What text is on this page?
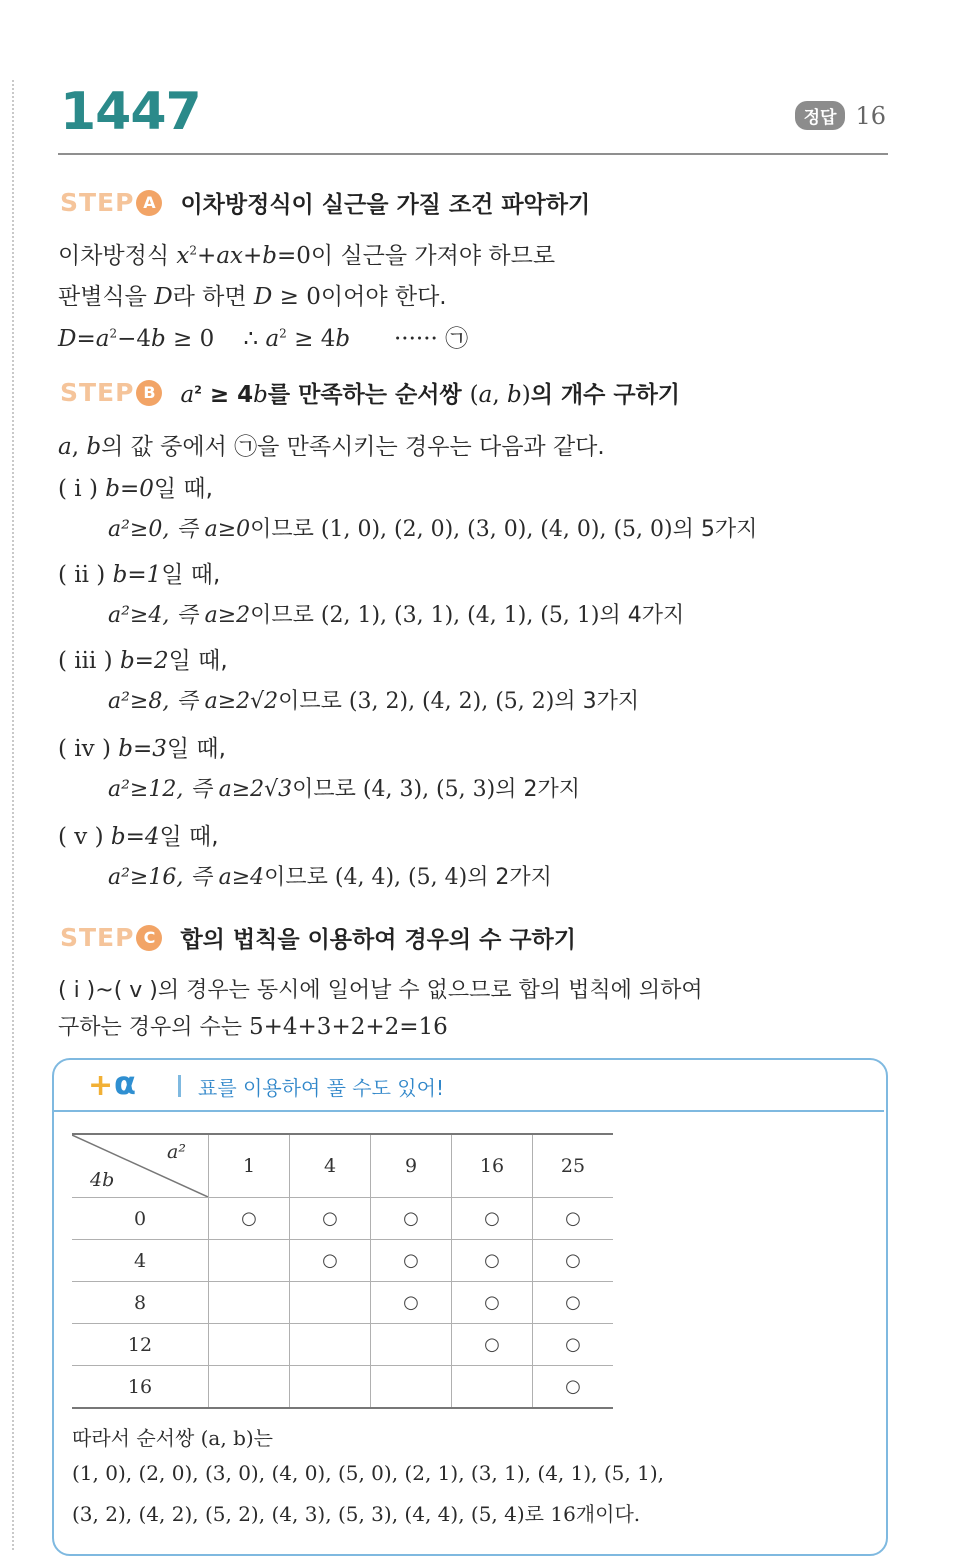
1447	정답 16
STEP A 이차방정식이 실근을 가질 조건 파악하기
이차방정식 $x^2+ax+b=0$이 실근을 가져야 하므로
판별식을 D라 하면 D ≥ 0이어야 한다.
$D=a^2-4b \ge 0$    ∴ $a^2 \ge 4b$ ······ ㉠
STEP B	$a^2 \ge 4b$를 만족하는 순서쌍 (a, b)의 개수 구하기
a, b의 값 중에서 ㉠을 만족시키는 경우는 다음과 같다.
( ⅰ ) b=0일 때,
a²≥0, 즉 a≥0이므로 (1, 0), (2, 0), (3, 0), (4, 0), (5, 0)의 5가지
( ⅱ ) b=1일 때,
a²≥4, 즉 a≥2이므로 (2, 1), (3, 1), (4, 1), (5, 1)의 4가지
( ⅲ ) b=2일 때,
a²≥8, 즉 a≥2√2이므로 (3, 2), (4, 2), (5, 2)의 3가지
( ⅳ ) b=3일 때,
a²≥12, 즉 a≥2√3이므로 (4, 3), (5, 3)의 2가지
( ⅴ ) b=4일 때,
a²≥16, 즉 a≥4이므로 (4, 4), (5, 4)의 2가지
STEP C	합의 법칙을 이용하여 경우의 수 구하기
( ⅰ )~( ⅴ )의 경우는 동시에 일어날 수 없으므로 합의 법칙에 의하여
구하는 경우의 수는 5+4+3+2+2=16
+ α	표를 이용하여 풀 수도 있어!
a²
4b	1	4	9	16	25
0	○	○	○	○	○
4		○	○	○	○
8			○	○	○
12				○	○
16					○
따라서 순서쌍 (a, b)는
(1, 0), (2, 0), (3, 0), (4, 0), (5, 0), (2, 1), (3, 1), (4, 1), (5, 1),
(3, 2), (4, 2), (5, 2), (4, 3), (5, 3), (4, 4), (5, 4)로 16개이다.
